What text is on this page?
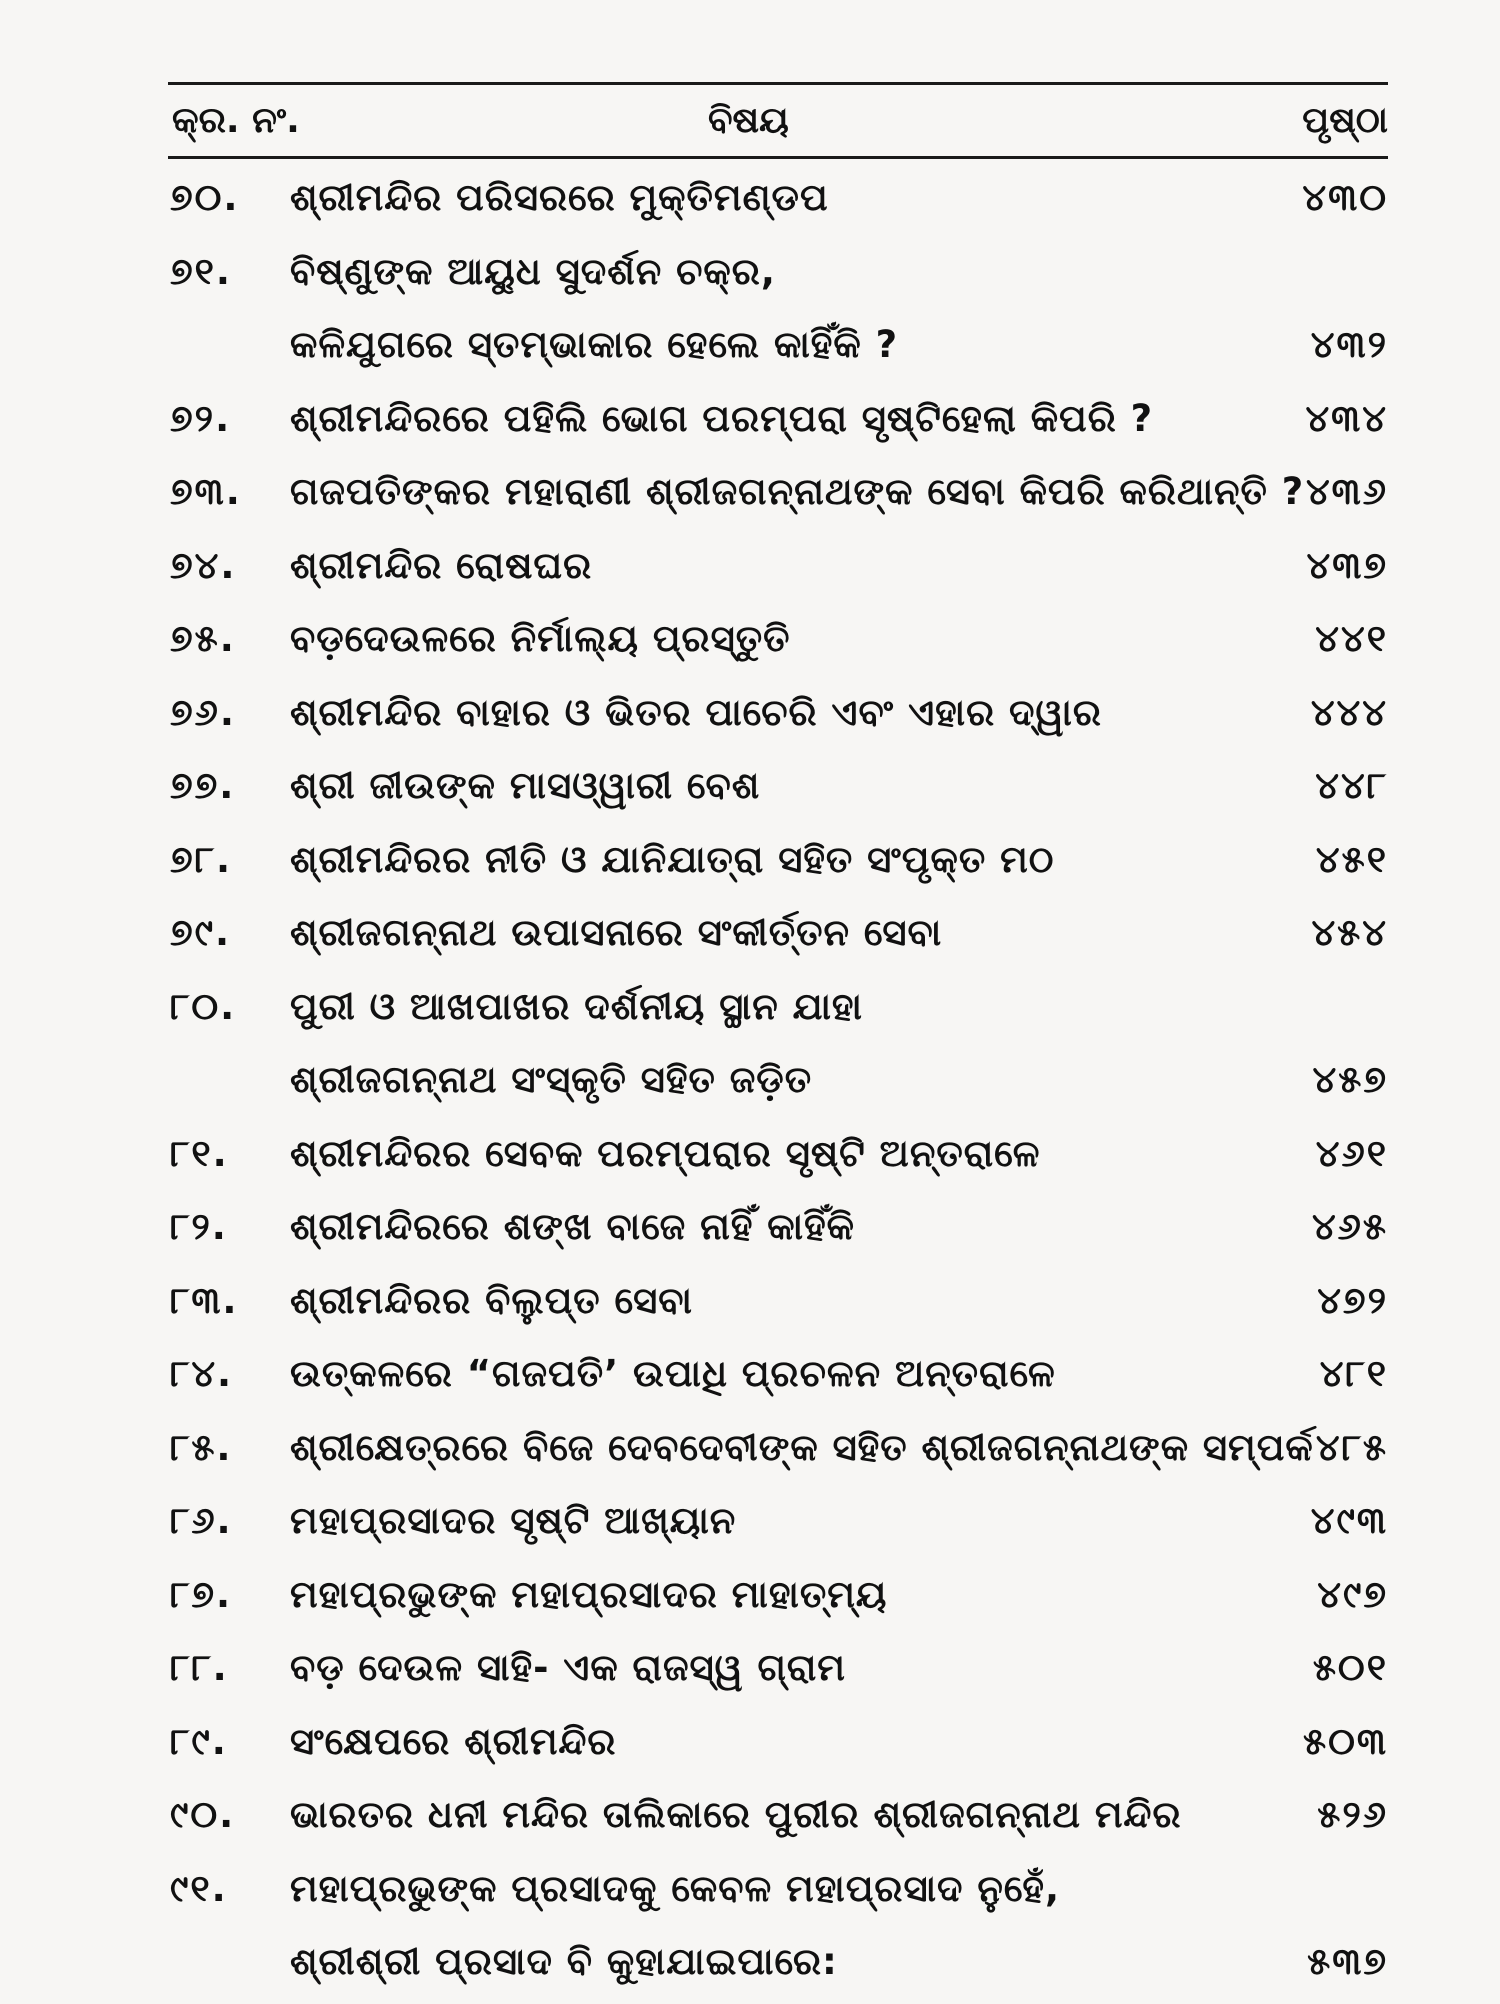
କ୍ର. ନଂ.	ବିଷୟ	ପୃଷ୍ଠା
୭୦. ଶ୍ରୀମନ୍ଦିର ପରିସରରେ ମୁକ୍ତିମଣ୍ଡପ	୪୩୦
୭୧. ବିଷ୍ଣୁଙ୍କ ଆୟୁଧ ସୁଦର୍ଶନ ଚକ୍ର,
କଳିଯୁଗରେ ସ୍ତମ୍ଭାକାର ହେଲେ କାହିଁକି ?	୪୩୨
୭୨. ଶ୍ରୀମନ୍ଦିରରେ ପହିଲି ଭୋଗ ପରମ୍ପରା ସୃଷ୍ଟିହେଲା କିପରି ?	୪୩୪
୭୩. ଗଜପତିଙ୍କର ମହାରାଣୀ ଶ୍ରୀଜଗନ୍ନାଥଙ୍କ ସେବା କିପରି କରିଥାନ୍ତି ? ୪୩୬
୭୪. ଶ୍ରୀମନ୍ଦିର ରୋଷଘର	୪୩୭
୭୫. ବଡ଼ଦେଉଳରେ ନିର୍ମାଲ୍ୟ ପ୍ରସ୍ତୁତି	୪୪୧
୭୬. ଶ୍ରୀମନ୍ଦିର ବାହାର ଓ ଭିତର ପାଚେରି ଏବଂ ଏହାର ଦ୍ୱାର	୪୪୪
୭୭. ଶ୍ରୀ ଜୀଉଙ୍କ ମାସଓ୍ୱାରୀ ବେଶ	୪୪୮
୭୮. ଶ୍ରୀମନ୍ଦିରର ନୀତି ଓ ଯାନିଯାତ୍ରା ସହିତ ସଂପୃକ୍ତ ମଠ	୪୫୧
୭୯. ଶ୍ରୀଜଗନ୍ନାଥ ଉପାସନାରେ ସଂକୀର୍ତ୍ତନ ସେବା	୪୫୪
୮୦. ପୁରୀ ଓ ଆଖପାଖର ଦର୍ଶନୀୟ ସ୍ଥାନ ଯାହା
ଶ୍ରୀଜଗନ୍ନାଥ ସଂସ୍କୃତି ସହିତ ଜଡ଼ିତ	୪୫୭
୮୧. ଶ୍ରୀମନ୍ଦିରର ସେବକ ପରମ୍ପରାର ସୃଷ୍ଟି ଅନ୍ତରାଳେ	୪୬୧
୮୨. ଶ୍ରୀମନ୍ଦିରରେ ଶଙ୍ଖ ବାଜେ ନାହିଁ କାହିଁକି	୪୬୫
୮୩. ଶ୍ରୀମନ୍ଦିରର ବିଲୁପ୍ତ ସେବା	୪୭୨
୮୪. ଉତ୍କଳରେ “ଗଜପତି’ ଉପାଧି ପ୍ରଚଳନ ଅନ୍ତରାଳେ	୪୮୧
୮୫. ଶ୍ରୀକ୍ଷେତ୍ରରେ ବିଜେ ଦେବଦେବୀଙ୍କ ସହିତ ଶ୍ରୀଜଗନ୍ନାଥଙ୍କ ସମ୍ପର୍କ ୪୮୫
୮୬. ମହାପ୍ରସାଦର ସୃଷ୍ଟି ଆଖ୍ୟାନ	୪୯୩
୮୭. ମହାପ୍ରଭୁଙ୍କ ମହାପ୍ରସାଦର ମାହାତ୍ମ୍ୟ	୪୯୭
୮୮. ବଡ଼ ଦେଉଳ ସାହି- ଏକ ରାଜସ୍ୱ ଗ୍ରାମ	୫୦୧
୮୯. ସଂକ୍ଷେପରେ ଶ୍ରୀମନ୍ଦିର	୫୦୩
୯୦. ଭାରତର ଧନୀ ମନ୍ଦିର ତାଲିକାରେ ପୁରୀର ଶ୍ରୀଜଗନ୍ନାଥ ମନ୍ଦିର	୫୨୬
୯୧. ମହାପ୍ରଭୁଙ୍କ ପ୍ରସାଦକୁ କେବଳ ମହାପ୍ରସାଦ ନୁହେଁ,
ଶ୍ରୀଶ୍ରୀ ପ୍ରସାଦ ବି କୁହାଯାଇପାରେ:	୫୩୭
